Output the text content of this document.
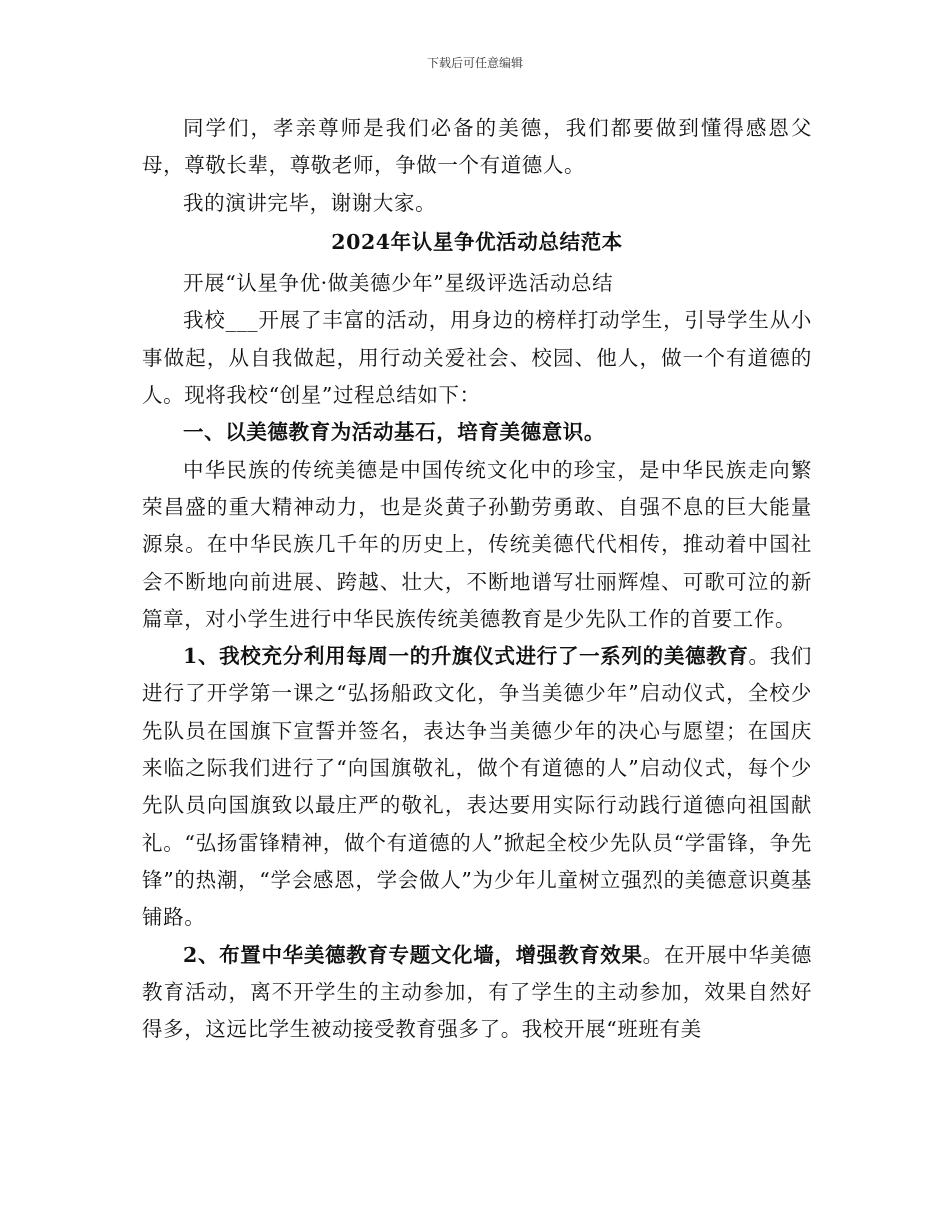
下载后可任意编辑

同学们，孝亲尊师是我们必备的美德，我们都要做到懂得感恩父母，尊敬长辈，尊敬老师，争做一个有道德人。

我的演讲完毕，谢谢大家。

2024年认星争优活动总结范本

开展“认星争优·做美德少年”星级评选活动总结

我校___开展了丰富的活动，用身边的榜样打动学生，引导学生从小事做起，从自我做起，用行动关爱社会、校园、他人，做一个有道德的人。现将我校“创星”过程总结如下：

一、以美德教育为活动基石，培育美德意识。

中华民族的传统美德是中国传统文化中的珍宝，是中华民族走向繁荣昌盛的重大精神动力，也是炎黄子孙勤劳勇敢、自强不息的巨大能量源泉。在中华民族几千年的历史上，传统美德代代相传，推动着中国社会不断地向前进展、跨越、壮大，不断地谱写壮丽辉煌、可歌可泣的新篇章，对小学生进行中华民族传统美德教育是少先队工作的首要工作。

1、我校充分利用每周一的升旗仪式进行了一系列的美德教育。我们进行了开学第一课之“弘扬船政文化，争当美德少年”启动仪式，全校少先队员在国旗下宣誓并签名，表达争当美德少年的决心与愿望；在国庆来临之际我们进行了“向国旗敬礼，做个有道德的人”启动仪式，每个少先队员向国旗致以最庄严的敬礼，表达要用实际行动践行道德向祖国献礼。“弘扬雷锋精神，做个有道德的人”掀起全校少先队员“学雷锋，争先锋”的热潮，“学会感恩，学会做人”为少年儿童树立强烈的美德意识奠基铺路。

2、布置中华美德教育专题文化墙，增强教育效果。在开展中华美德教育活动，离不开学生的主动参加，有了学生的主动参加，效果自然好得多，这远比学生被动接受教育强多了。我校开展“班班有美
